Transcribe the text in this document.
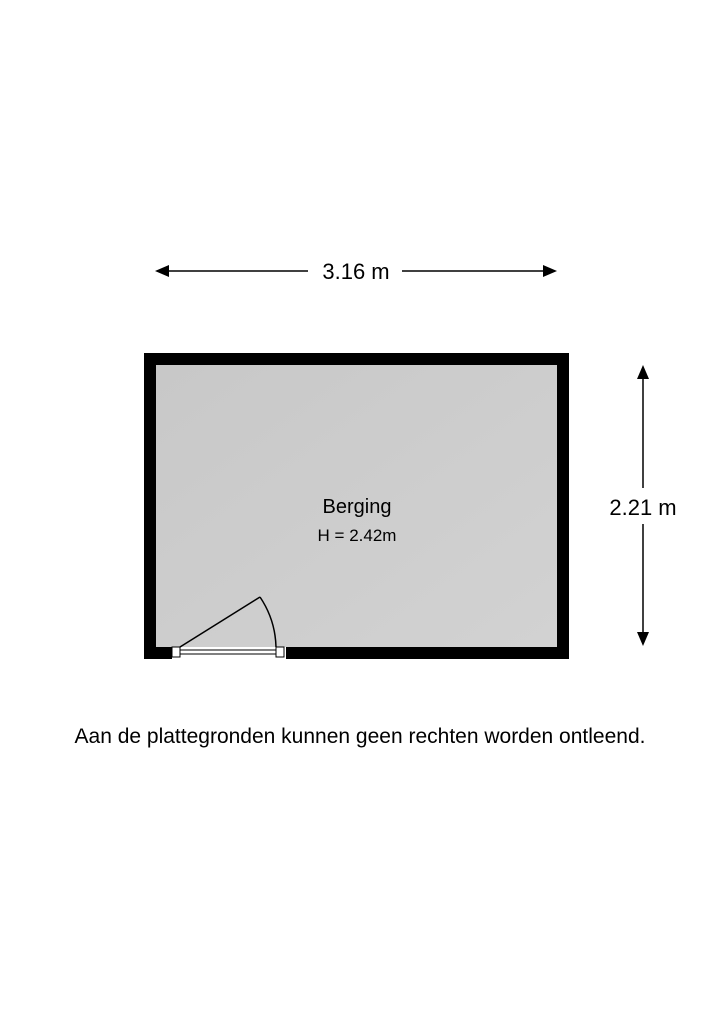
3.16 m
2.21 m
Berging
H = 2.42m
Aan de plattegronden kunnen geen rechten worden ontleend.
